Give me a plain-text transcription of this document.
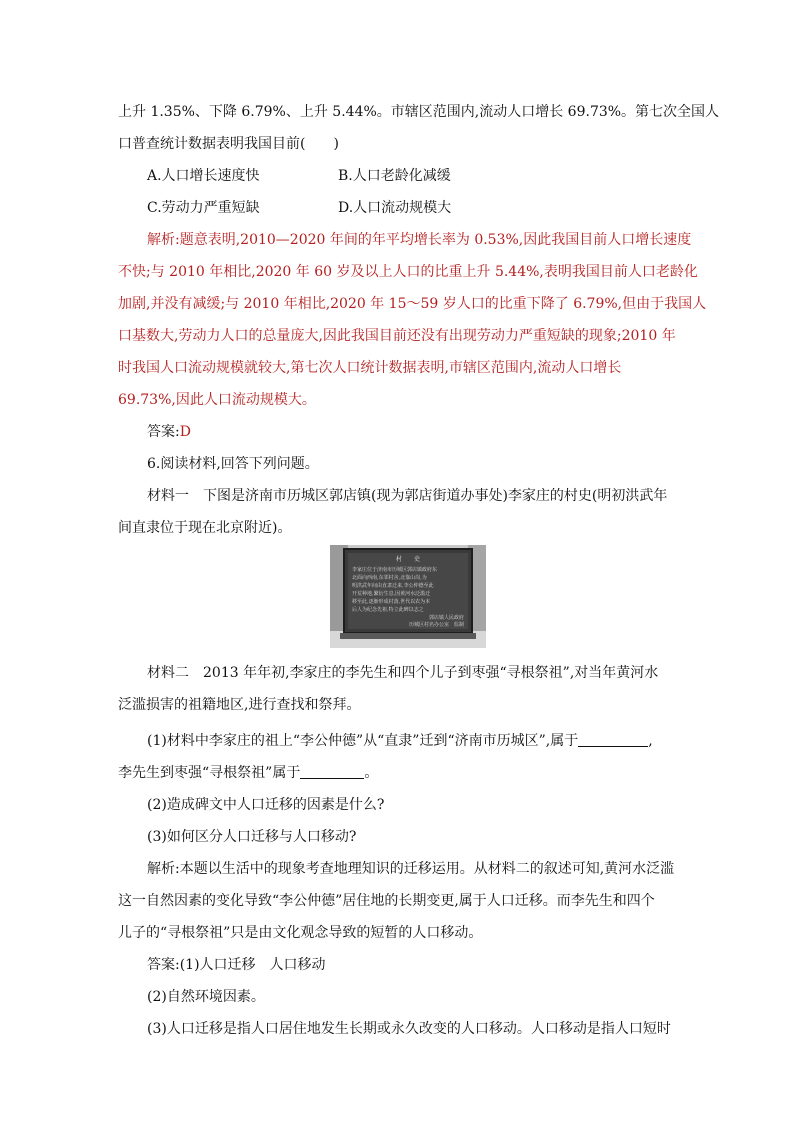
上升 1.35%、下降 6.79%、上升 5.44%。市辖区范围内,流动人口增长 69.73%。第七次全国人
口普查统计数据表明我国目前(　　)
A.人口增长速度快	B.人口老龄化减缓
C.劳动力严重短缺	D.人口流动规模大
解析:题意表明,2010—2020 年间的年平均增长率为 0.53%,因此我国目前人口增长速度
不快;与 2010 年相比,2020 年 60 岁及以上人口的比重上升 5.44%,表明我国目前人口老龄化
加剧,并没有减缓;与 2010 年相比,2020 年 15～59 岁人口的比重下降了 6.79%,但由于我国人
口基数大,劳动力人口的总量庞大,因此我国目前还没有出现劳动力严重短缺的现象;2010 年
时我国人口流动规模就较大,第七次人口统计数据表明,市辖区范围内,流动人口增长
69.73%,因此人口流动规模大。
答案:D
6.阅读材料,回答下列问题。
材料一　下图是济南市历城区郭店镇(现为郭店街道办事处)李家庄的村史(明初洪武年
间直隶位于现在北京附近)。
村　　史
李家庄位于济南市历城区郭店镇政府东
北面向西南,东邻村舍,北靠山岗,为
明洪武年间由直隶迁来,李公仲德至此
开荒种地,繁衍生息,因黄河水泛滥迁
移至此,逐渐形成村落,世代以农为本
后人为纪念先祖,特立此碑以志之
郭店镇人民政府
历城区村名办公室　监制
材料二　2013 年年初,李家庄的李先生和四个儿子到枣强“寻根祭祖”,对当年黄河水
泛滥损害的祖籍地区,进行查找和祭拜。
(1)材料中李家庄的祖上“李公仲德”从“直隶”迁到“济南市历城区”,属于	,
李先生到枣强“寻根祭祖”属于	。
(2)造成碑文中人口迁移的因素是什么?
(3)如何区分人口迁移与人口移动?
解析:本题以生活中的现象考查地理知识的迁移运用。从材料二的叙述可知,黄河水泛滥
这一自然因素的变化导致“李公仲德”居住地的长期变更,属于人口迁移。而李先生和四个
儿子的“寻根祭祖”只是由文化观念导致的短暂的人口移动。
答案:(1)人口迁移　人口移动
(2)自然环境因素。
(3)人口迁移是指人口居住地发生长期或永久改变的人口移动。人口移动是指人口短时
